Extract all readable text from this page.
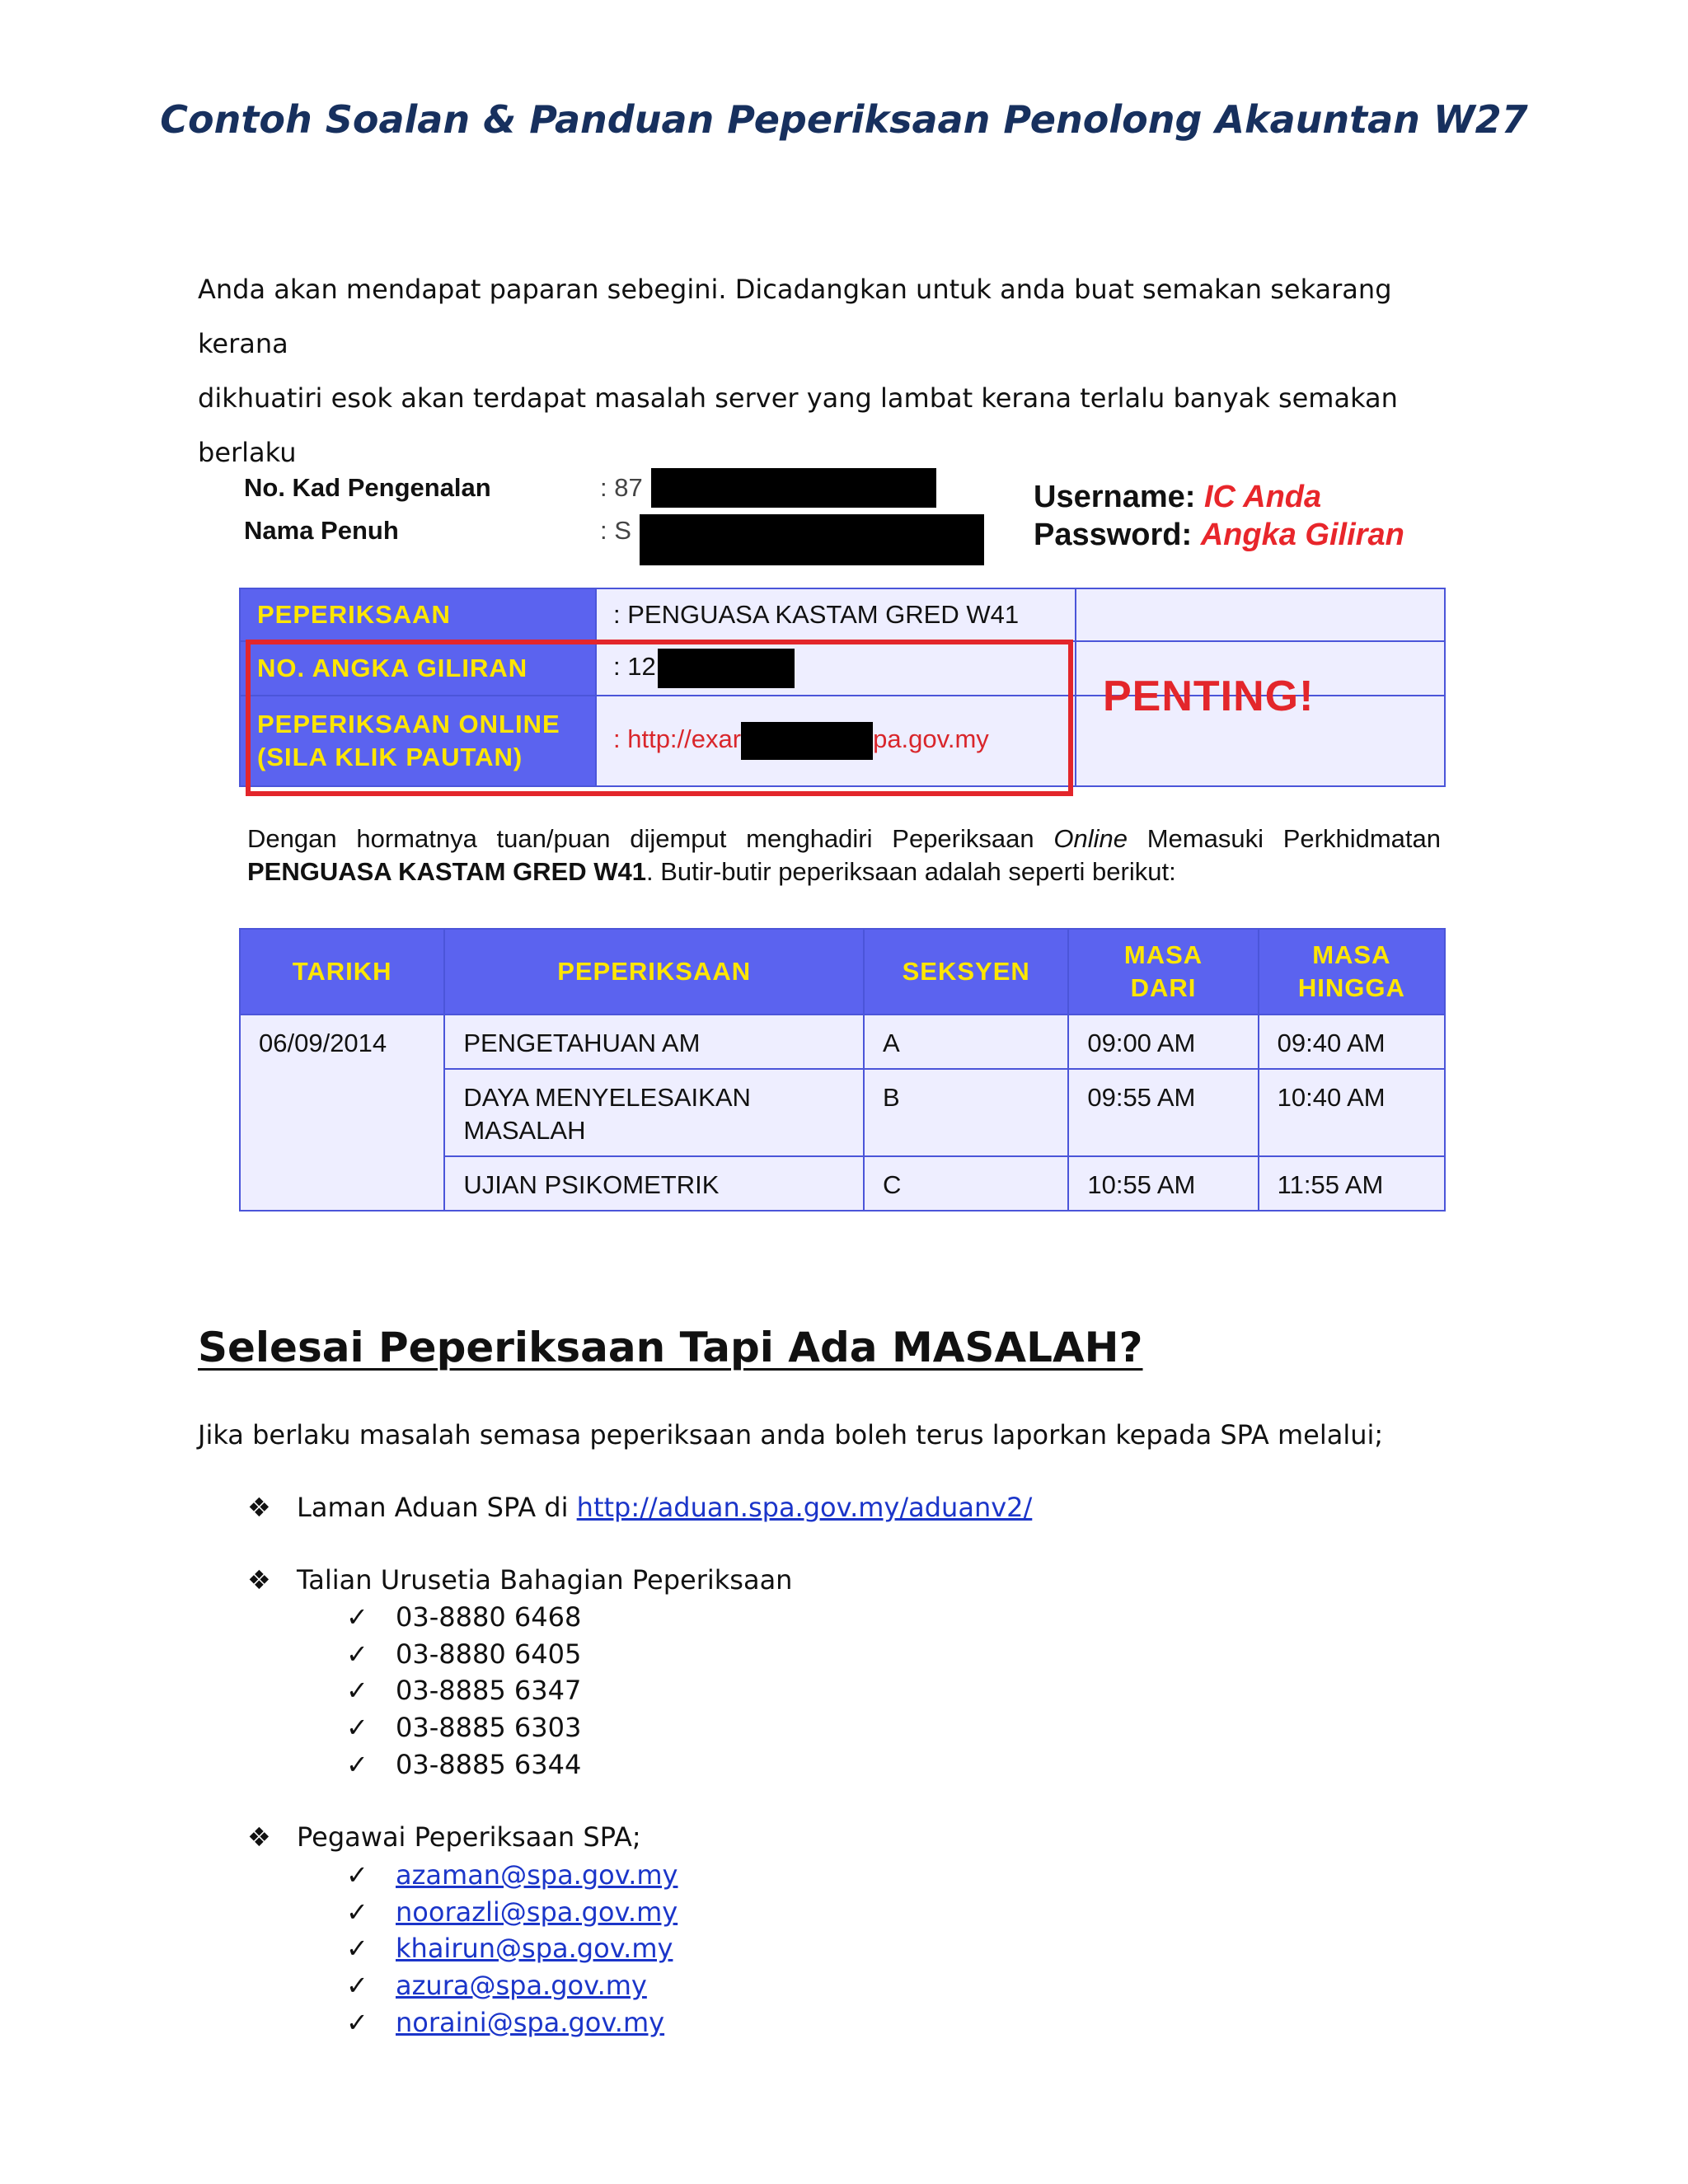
Contoh Soalan & Panduan Peperiksaan Penolong Akauntan W27
Anda akan mendapat paparan sebegini. Dicadangkan untuk anda buat semakan sekarang kerana
dikhuatiri esok akan terdapat masalah server yang lambat kerana terlalu banyak semakan berlaku
No. Kad Pengenalan	: 87
Nama Penuh	: S
Username: IC Anda
Password: Angka Giliran
PEPERIKSAAN	: PENGUASA KASTAM GRED W41	
NO. ANGKA GILIRAN	: 12	
PEPERIKSAAN ONLINE (SILA KLIK PAUTAN)	: http://exar pa.gov.my	
PENTING!
Dengan hormatnya tuan/puan dijemput menghadiri Peperiksaan Online Memasuki Perkhidmatan PENGUASA KASTAM GRED W41. Butir-butir peperiksaan adalah seperti berikut:
TARIKH	PEPERIKSAAN	SEKSYEN	MASA DARI	MASA HINGGA
06/09/2014	PENGETAHUAN AM	A	09:00 AM	09:40 AM
	DAYA MENYELESAIKAN MASALAH	B	09:55 AM	10:40 AM
	UJIAN PSIKOMETRIK	C	10:55 AM	11:55 AM
Selesai Peperiksaan Tapi Ada MASALAH?
Jika berlaku masalah semasa peperiksaan anda boleh terus laporkan kepada SPA melalui;
❖ Laman Aduan SPA di http://aduan.spa.gov.my/aduanv2/
❖ Talian Urusetia Bahagian Peperiksaan
✓ 03-8880 6468
✓ 03-8880 6405
✓ 03-8885 6347
✓ 03-8885 6303
✓ 03-8885 6344
❖ Pegawai Peperiksaan SPA;
✓ azaman@spa.gov.my
✓ noorazli@spa.gov.my
✓ khairun@spa.gov.my
✓ azura@spa.gov.my
✓ noraini@spa.gov.my
